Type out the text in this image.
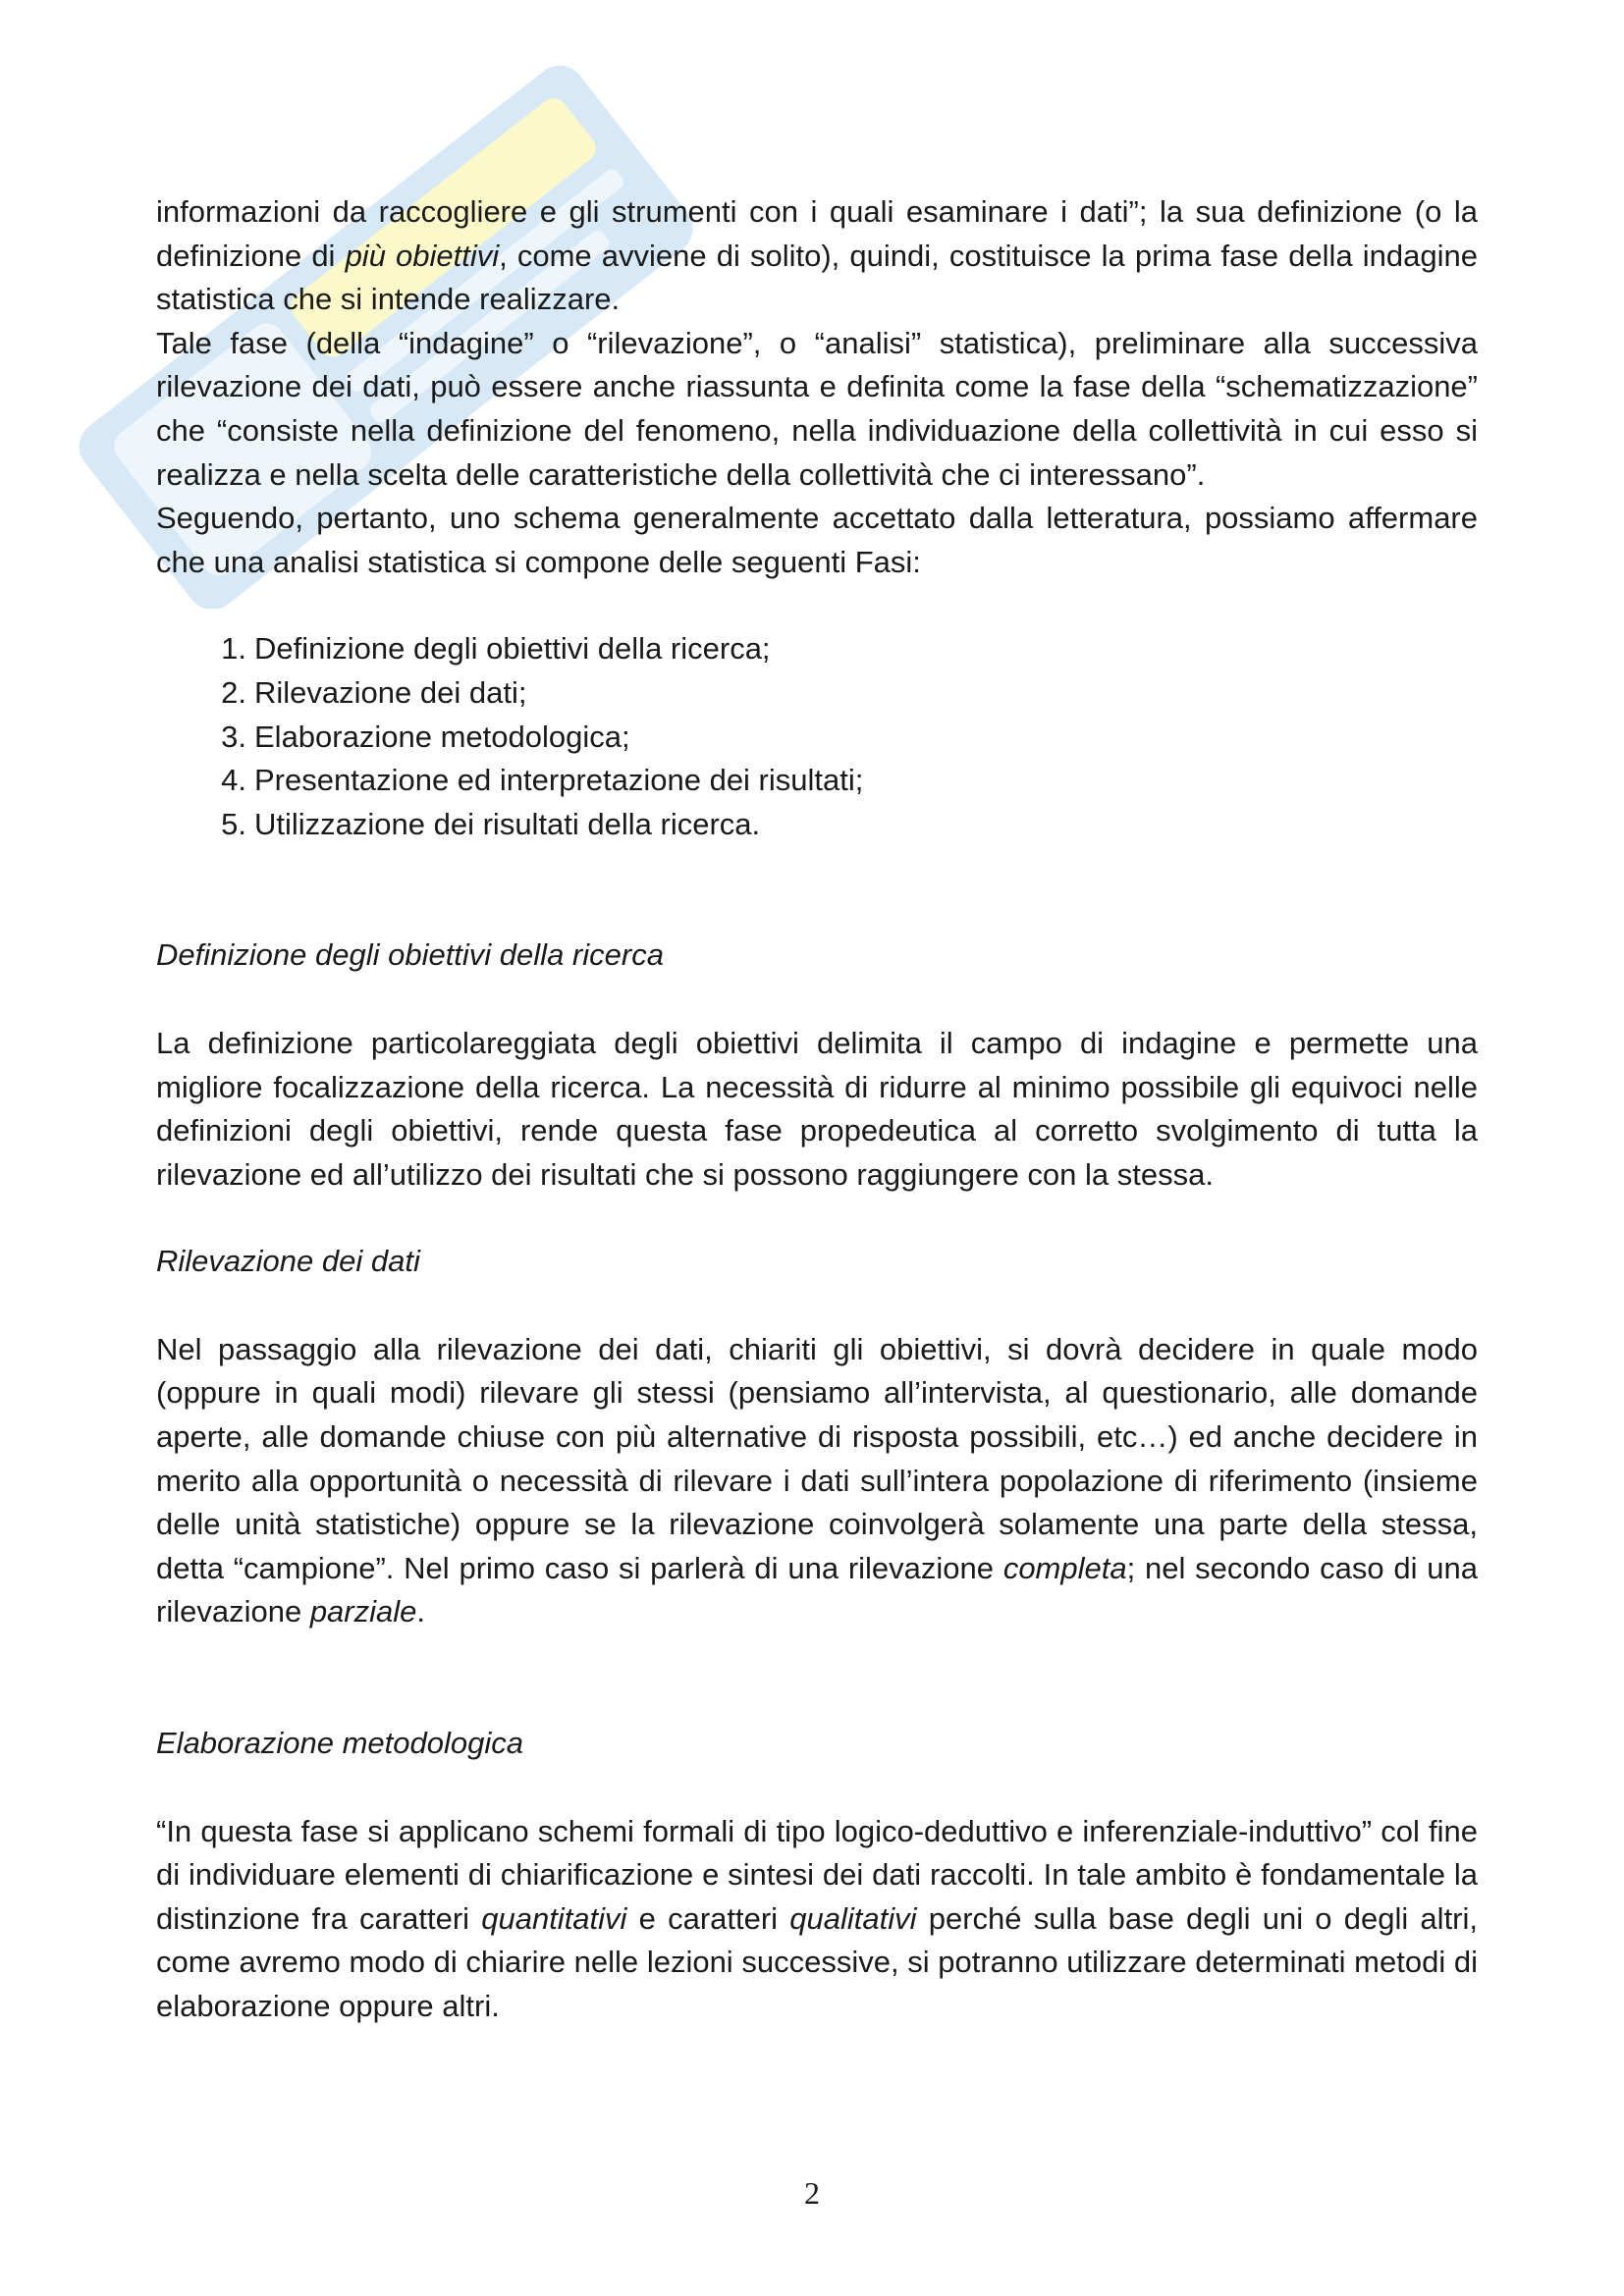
informazioni da raccogliere e gli strumenti con i quali esaminare i dati”; la sua definizione (o la definizione di più obiettivi, come avviene di solito), quindi, costituisce la prima fase della indagine statistica che si intende realizzare.

Tale fase (della “indagine” o “rilevazione”, o “analisi” statistica), preliminare alla successiva rilevazione dei dati, può essere anche riassunta e definita come la fase della “schematizzazione” che “consiste nella definizione del fenomeno, nella individuazione della collettività in cui esso si realizza e nella scelta delle caratteristiche della collettività che ci interessano”.

Seguendo, pertanto, uno schema generalmente accettato dalla letteratura, possiamo affermare che una analisi statistica si compone delle seguenti Fasi:

1. Definizione degli obiettivi della ricerca;
2. Rilevazione dei dati;
3. Elaborazione metodologica;
4. Presentazione ed interpretazione dei risultati;
5. Utilizzazione dei risultati della ricerca.

Definizione degli obiettivi della ricerca

La definizione particolareggiata degli obiettivi delimita il campo di indagine e permette una migliore focalizzazione della ricerca. La necessità di ridurre al minimo possibile gli equivoci nelle definizioni degli obiettivi, rende questa fase propedeutica al corretto svolgimento di tutta la rilevazione ed all’utilizzo dei risultati che si possono raggiungere con la stessa.

Rilevazione dei dati

Nel passaggio alla rilevazione dei dati, chiariti gli obiettivi, si dovrà decidere in quale modo (oppure in quali modi) rilevare gli stessi (pensiamo all’intervista, al questionario, alle domande aperte, alle domande chiuse con più alternative di risposta possibili, etc…) ed anche decidere in merito alla opportunità o necessità di rilevare i dati sull’intera popolazione di riferimento (insieme delle unità statistiche) oppure se la rilevazione coinvolgerà solamente una parte della stessa, detta “campione”. Nel primo caso si parlerà di una rilevazione completa; nel secondo caso di una rilevazione parziale.

Elaborazione metodologica

“In questa fase si applicano schemi formali di tipo logico-deduttivo e inferenziale-induttivo” col fine di individuare elementi di chiarificazione e sintesi dei dati raccolti. In tale ambito è fondamentale la distinzione fra caratteri quantitativi e caratteri qualitativi perché sulla base degli uni o degli altri, come avremo modo di chiarire nelle lezioni successive, si potranno utilizzare determinati metodi di elaborazione oppure altri.

2
